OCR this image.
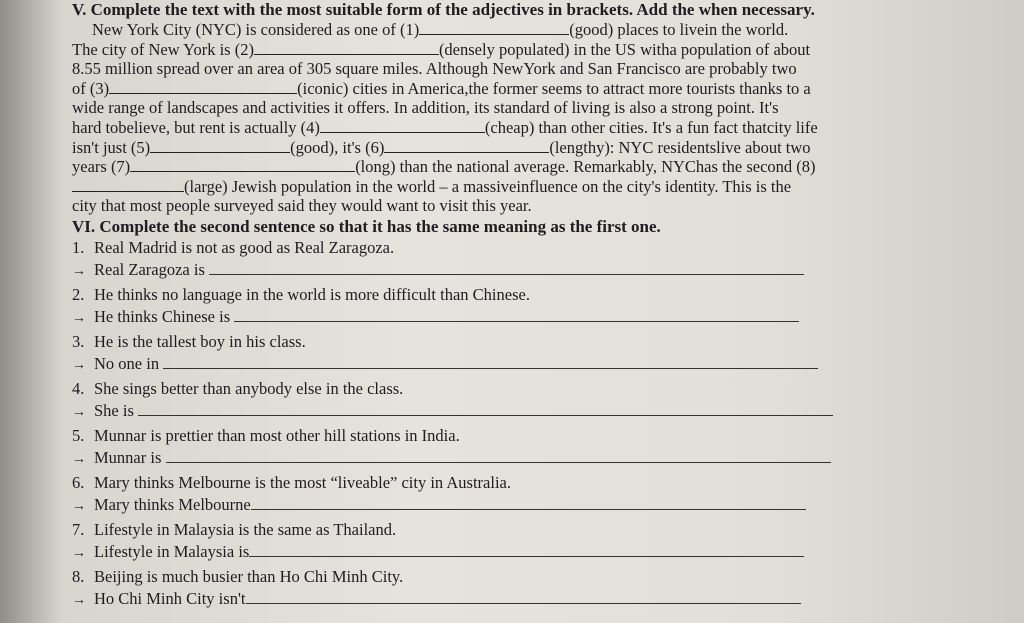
V. Complete the text with the most suitable form of the adjectives in brackets. Add the when necessary.

New York City (NYC) is considered as one of (1)	(good) places to livein the world.

The city of New York is (2)	(densely populated) in the US witha population of about

8.55 million spread over an area of 305 square miles. Although NewYork and San Francisco are probably two

of (3)	(iconic) cities in America,the former seems to attract more tourists thanks to a

wide range of landscapes and activities it offers. In addition, its standard of living is also a strong point. It's

hard tobelieve, but rent is actually (4)	(cheap) than other cities. It's a fun fact thatcity life

isn't just (5)	(good), it's (6)	(lengthy): NYC residentslive about two

years (7)	(long) than the national average. Remarkably, NYChas the second (8)

(large) Jewish population in the world – a massiveinfluence on the city's identity. This is the

city that most people surveyed said they would want to visit this year.

VI. Complete the second sentence so that it has the same meaning as the first one.

1. Real Madrid is not as good as Real Zaragoza.

→ Real Zaragoza is

2. He thinks no language in the world is more difficult than Chinese.

→ He thinks Chinese is

3. He is the tallest boy in his class.

→ No one in

4. She sings better than anybody else in the class.

→ She is

5. Munnar is prettier than most other hill stations in India.

→ Munnar is

6. Mary thinks Melbourne is the most “liveable” city in Australia.

→ Mary thinks Melbourne

7. Lifestyle in Malaysia is the same as Thailand.

→ Lifestyle in Malaysia is

8. Beijing is much busier than Ho Chi Minh City.

→ Ho Chi Minh City isn't
